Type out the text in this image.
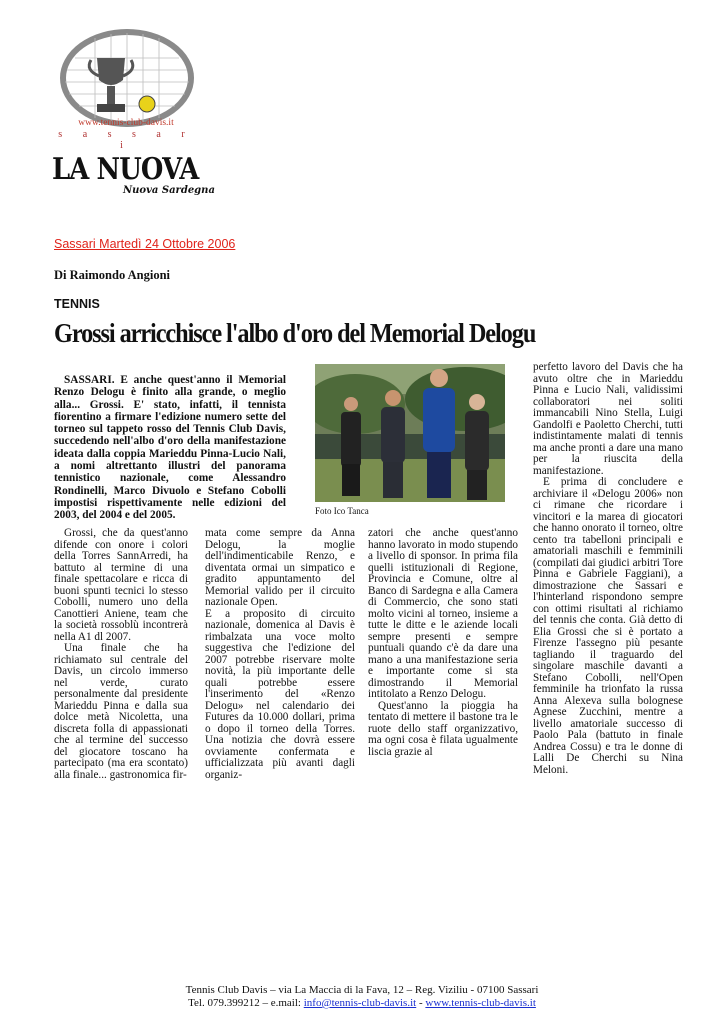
www.tennis-club-davis.it
s a s s a r i
LA NUOVA
Nuova Sardegna
Sassari Martedì 24 Ottobre 2006
Di Raimondo Angioni
TENNIS
Grossi arricchisce l'albo d'oro del Memorial Delogu
SASSARI. E anche quest'anno il Memorial Renzo Delogu è finito alla grande, o meglio alla... Grossi. E' stato, infatti, il tennista fiorentino a firmare l'edizione numero sette del torneo sul tappeto rosso del Tennis Club Davis, succedendo nell'albo d'oro della manifestazione ideata dalla coppia Marieddu Pinna-Lucio Nali, a nomi altrettanto illustri del panorama tennistico nazionale, come Alessandro Rondinelli, Marco Divuolo e Stefano Cobolli impostisi rispettivamente nelle edizioni del 2003, del 2004 e del 2005.	Foto Ico Tanca

Grossi, che da quest'anno difende con onore i colori della Torres SannArredi, ha battuto al termine di una finale spettacolare e ricca di buoni spunti tecnici lo stesso Cobolli, numero uno della Canottieri Aniene, team che la società rossoblù incontrerà nella A1 dl 2007.

Una finale che ha richiamato sul centrale del Davis, un circolo immerso nel verde, curato personalmente dal presidente Marieddu Pinna e dalla sua dolce metà Nicoletta, una discreta folla di appassionati che al termine del successo del giocatore toscano ha partecipato (ma era scontato) alla finale... gastronomica fir-

mata come sempre da Anna Delogu, la moglie dell'indimenticabile Renzo, e diventata ormai un simpatico e gradito appuntamento del Memorial valido per il circuito nazionale Open.

E a proposito di circuito nazionale, domenica al Davis è rimbalzata una voce molto suggestiva che l'edizione del 2007 potrebbe riservare molte novità, la più importante delle quali potrebbe essere l'inserimento del «Renzo Delogu» nel calendario dei Futures da 10.000 dollari, prima o dopo il torneo della Torres. Una notizia che dovrà essere ovviamente confermata e ufficializzata più avanti dagli organiz-

zatori che anche quest'anno hanno lavorato in modo stupendo a livello di sponsor. In prima fila quelli istituzionali di Regione, Provincia e Comune, oltre al Banco di Sardegna e alla Camera di Commercio, che sono stati molto vicini al torneo, insieme a tutte le ditte e le aziende locali sempre presenti e sempre puntuali quando c'è da dare una mano a una manifestazione seria e importante come si sta dimostrando il Memorial intitolato a Renzo Delogu.

Quest'anno la pioggia ha tentato di mettere il bastone tra le ruote dello staff organizzativo, ma ogni cosa è filata ugualmente liscia grazie al

perfetto lavoro del Davis che ha avuto oltre che in Marieddu Pinna e Lucio Nali, validissimi collaboratori nei soliti immancabili Nino Stella, Luigi Gandolfi e Paoletto Cherchi, tutti indistintamente malati di tennis ma anche pronti a dare una mano per la riuscita della manifestazione.

E prima di concludere e archiviare il «Delogu 2006» non ci rimane che ricordare i vincitori e la marea di giocatori che hanno onorato il torneo, oltre cento tra tabelloni principali e amatoriali maschili e femminili (compilati dai giudici arbitri Tore Pinna e Gabriele Faggiani), a dimostrazione che Sassari e l'hinterland rispondono sempre con ottimi risultati al richiamo del tennis che conta. Già detto di Elia Grossi che si è portato a Firenze l'assegno più pesante tagliando il traguardo del singolare maschile davanti a Stefano Cobolli, nell'Open femminile ha trionfato la russa Anna Alexeva sulla bolognese Agnese Zucchini, mentre a livello amatoriale successo di Paolo Pala (battuto in finale Andrea Cossu) e tra le donne di Lalli De Cherchi su Nina Meloni.

Tennis Club Davis – via La Maccia di la Fava, 12 – Reg. Viziliu - 07100 Sassari
Tel. 079.399212 – e.mail: info@tennis-club-davis.it - www.tennis-club-davis.it
